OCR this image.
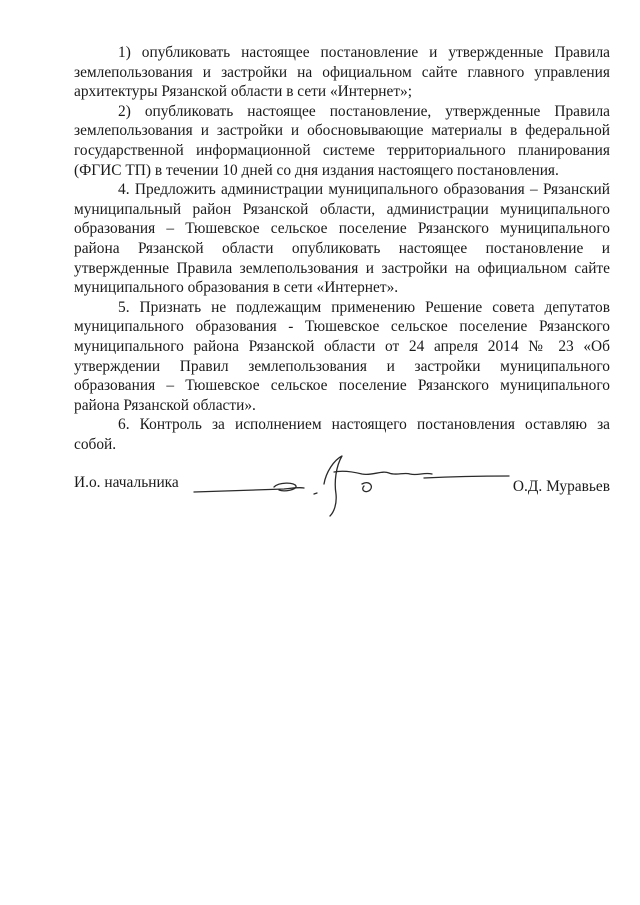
1) опубликовать настоящее постановление и утвержденные Правила землепользования и застройки на официальном сайте главного управления архитектуры Рязанской области в сети «Интернет»;

2) опубликовать настоящее постановление, утвержденные Правила землепользования и застройки и обосновывающие материалы в федеральной государственной информационной системе территориального планирования (ФГИС ТП) в течении 10 дней со дня издания настоящего постановления.

4. Предложить администрации муниципального образования – Рязанский муниципальный район Рязанской области, администрации муниципального образования – Тюшевское сельское поселение Рязанского муниципального района Рязанской области опубликовать настоящее постановление и утвержденные Правила землепользования и застройки на официальном сайте муниципального образования в сети «Интернет».

5. Признать не подлежащим применению Решение совета депутатов муниципального образования - Тюшевское сельское поселение Рязанского муниципального района Рязанской области от 24 апреля 2014 № 23 «Об утверждении Правил землепользования и застройки муниципального образования – Тюшевское сельское поселение Рязанского муниципального района Рязанской области».

6. Контроль за исполнением настоящего постановления оставляю за собой.

И.о. начальника	О.Д. Муравьев
